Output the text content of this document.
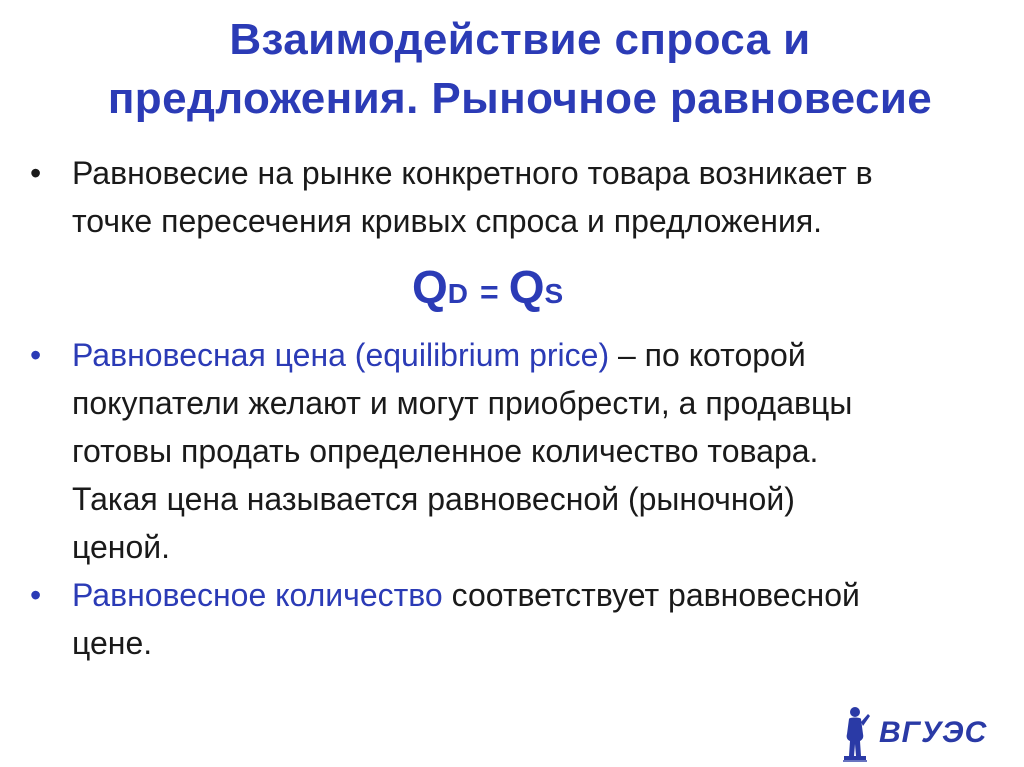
Взаимодействие спроса и
предложения. Рыночное равновесие
• Равновесие на рынке конкретного товара возникает в
точке пересечения кривых спроса и предложения.
QD = QS
• Равновесная цена (equilibrium price) – по которой
покупатели желают и могут приобрести, а продавцы
готовы продать определенное количество товара.
Такая цена называется равновесной (рыночной)
ценой.
• Равновесное количество соответствует равновесной
цене.
ВГУЭС
